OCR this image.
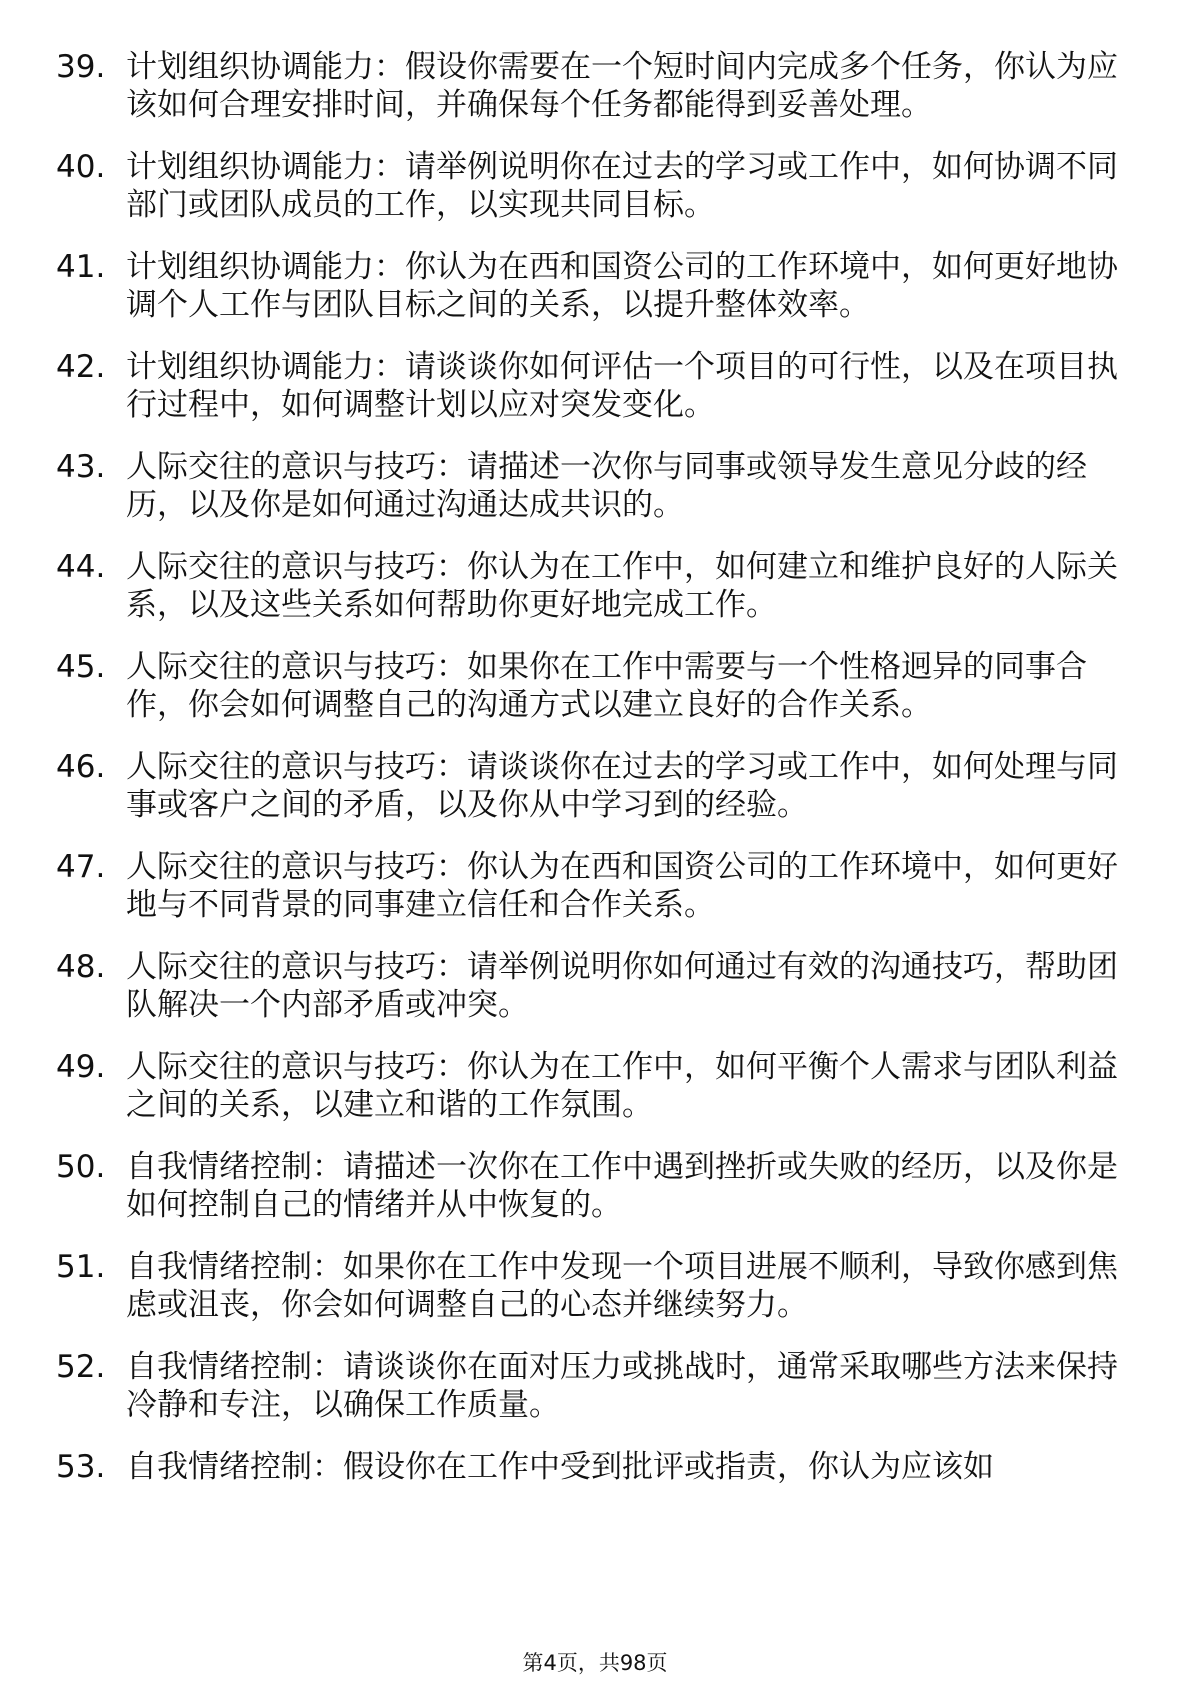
39. 计划组织协调能力：假设你需要在一个短时间内完成多个任务，你认为应该如何合理安排时间，并确保每个任务都能得到妥善处理。
40. 计划组织协调能力：请举例说明你在过去的学习或工作中，如何协调不同部门或团队成员的工作，以实现共同目标。
41. 计划组织协调能力：你认为在西和国资公司的工作环境中，如何更好地协调个人工作与团队目标之间的关系，以提升整体效率。
42. 计划组织协调能力：请谈谈你如何评估一个项目的可行性，以及在项目执行过程中，如何调整计划以应对突发变化。
43. 人际交往的意识与技巧：请描述一次你与同事或领导发生意见分歧的经历，以及你是如何通过沟通达成共识的。
44. 人际交往的意识与技巧：你认为在工作中，如何建立和维护良好的人际关系，以及这些关系如何帮助你更好地完成工作。
45. 人际交往的意识与技巧：如果你在工作中需要与一个性格迥异的同事合作，你会如何调整自己的沟通方式以建立良好的合作关系。
46. 人际交往的意识与技巧：请谈谈你在过去的学习或工作中，如何处理与同事或客户之间的矛盾，以及你从中学习到的经验。
47. 人际交往的意识与技巧：你认为在西和国资公司的工作环境中，如何更好地与不同背景的同事建立信任和合作关系。
48. 人际交往的意识与技巧：请举例说明你如何通过有效的沟通技巧，帮助团队解决一个内部矛盾或冲突。
49. 人际交往的意识与技巧：你认为在工作中，如何平衡个人需求与团队利益之间的关系，以建立和谐的工作氛围。
50. 自我情绪控制：请描述一次你在工作中遇到挫折或失败的经历，以及你是如何控制自己的情绪并从中恢复的。
51. 自我情绪控制：如果你在工作中发现一个项目进展不顺利，导致你感到焦虑或沮丧，你会如何调整自己的心态并继续努力。
52. 自我情绪控制：请谈谈你在面对压力或挑战时，通常采取哪些方法来保持冷静和专注，以确保工作质量。
53. 自我情绪控制：假设你在工作中受到批评或指责，你认为应该如
第4页，共98页
